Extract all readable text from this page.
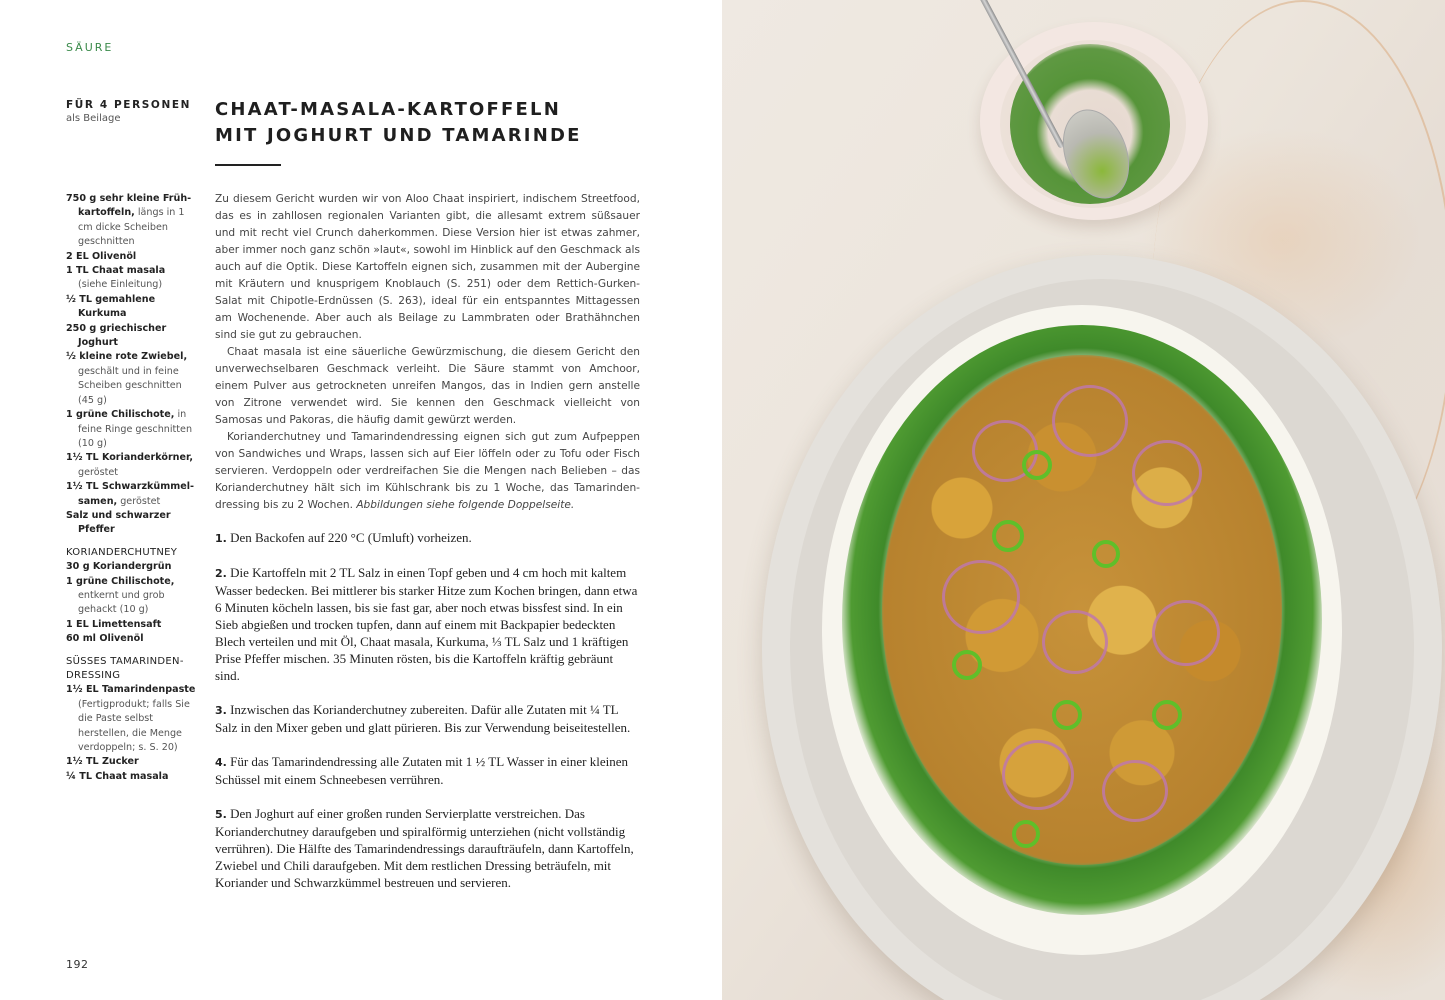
SÄURE
FÜR 4 PERSONEN
als Beilage	CHAAT-MASALA-KARTOFFELN
MIT JOGHURT UND TAMARINDE
750 g sehr kleine Früh-kartoffeln, längs in 1 cm dicke Scheiben geschnitten
2 EL Olivenöl
1 TL Chaat masala (siehe Einleitung)
½ TL gemahlene Kurkuma
250 g griechischer Joghurt
½ kleine rote Zwiebel, geschält und in feine Scheiben geschnitten (45 g)
1 grüne Chilischote, in feine Ringe geschnitten (10 g)
1½ TL Korianderkörner, geröstet
1½ TL Schwarzkümmel-samen, geröstet
Salz und schwarzer Pfeffer
KORIANDERCHUTNEY
30 g Koriandergrün
1 grüne Chilischote, entkernt und grob gehackt (10 g)
1 EL Limettensaft
60 ml Olivenöl
SÜSSES TAMARINDEN-DRESSING
1½ EL Tamarindenpaste (Fertigprodukt; falls Sie die Paste selbst herstellen, die Menge verdoppeln; s. S. 20)
1½ TL Zucker
¼ TL Chaat masala

Zu diesem Gericht wurden wir von Aloo Chaat inspiriert, indischem Streetfood, das es in zahllosen regionalen Varianten gibt, die allesamt extrem süßsauer und mit recht viel Crunch daherkommen. Diese Version hier ist etwas zahmer, aber immer noch ganz schön »laut«, sowohl im Hinblick auf den Geschmack als auch auf die Optik. Diese Kartoffeln eignen sich, zusammen mit der Aubergine mit Kräutern und knusprigem Knoblauch (S. 251) oder dem Rettich-Gurken-Salat mit Chipotle-Erdnüssen (S. 263), ideal für ein entspanntes Mittagessen am Wochenende. Aber auch als Beilage zu Lammbraten oder Brathähnchen sind sie gut zu gebrauchen.

Chaat masala ist eine säuerliche Gewürzmischung, die diesem Gericht den unverwechselbaren Geschmack verleiht. Die Säure stammt von Amchoor, einem Pulver aus getrockneten unreifen Mangos, das in Indien gern anstelle von Zitrone verwendet wird. Sie kennen den Geschmack vielleicht von Samosas und Pakoras, die häufig damit gewürzt werden.

Korianderchutney und Tamarindendressing eignen sich gut zum Aufpeppen von Sandwiches und Wraps, lassen sich auf Eier löffeln oder zu Tofu oder Fisch servieren. Verdoppeln oder verdreifachen Sie die Mengen nach Belieben – das Korianderchutney hält sich im Kühlschrank bis zu 1 Woche, das Tamarindendressing bis zu 2 Wochen. Abbildungen siehe folgende Doppelseite.

1. Den Backofen auf 220 °C (Umluft) vorheizen.

2. Die Kartoffeln mit 2 TL Salz in einen Topf geben und 4 cm hoch mit kaltem Wasser bedecken. Bei mittlerer bis starker Hitze zum Kochen bringen, dann etwa 6 Minuten köcheln lassen, bis sie fast gar, aber noch etwas bissfest sind. In ein Sieb abgießen und trocken tupfen, dann auf einem mit Backpapier bedeckten Blech verteilen und mit Öl, Chaat masala, Kurkuma, ⅓ TL Salz und 1 kräftigen Prise Pfeffer mischen. 35 Minuten rösten, bis die Kartoffeln kräftig gebräunt sind.

3. Inzwischen das Korianderchutney zubereiten. Dafür alle Zutaten mit ¼ TL Salz in den Mixer geben und glatt pürieren. Bis zur Verwendung beiseitestellen.

4. Für das Tamarindendressing alle Zutaten mit 1 ½ TL Wasser in einer kleinen Schüssel mit einem Schneebesen verrühren.

5. Den Joghurt auf einer großen runden Servierplatte verstreichen. Das Korianderchutney daraufgeben und spiralförmig unterziehen (nicht vollständig verrühren). Die Hälfte des Tamarindendressings daraufträufeln, dann Kartoffeln, Zwiebel und Chili daraufgeben. Mit dem restlichen Dressing beträufeln, mit Koriander und Schwarzkümmel bestreuen und servieren.

192
